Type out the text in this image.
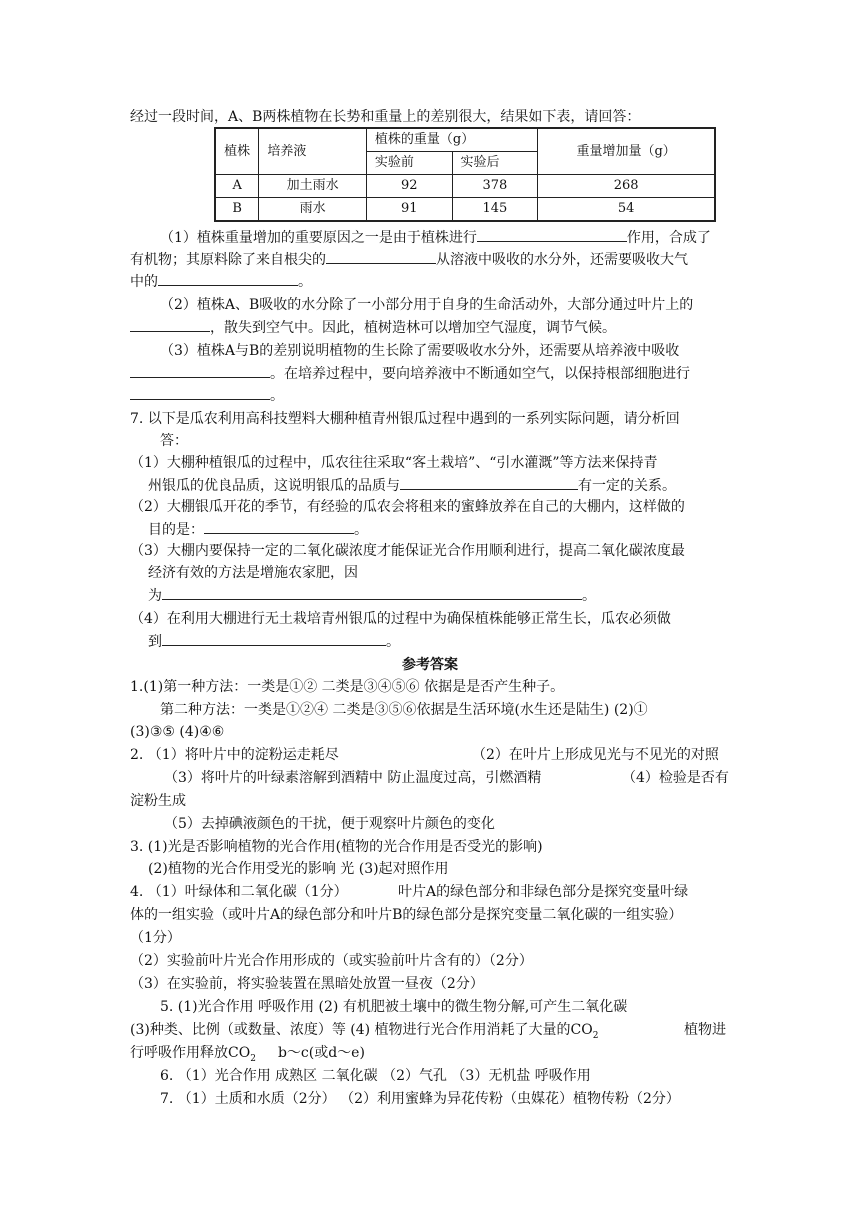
经过一段时间，A、B两株植物在长势和重量上的差别很大，结果如下表，请回答：
植株	培养液	植株的重量（g）		重量增加量（g）
		实验前	实验后	
A	加土雨水	92	378	268
B	雨水	91	145	54
（1）植株重量增加的重要原因之一是由于植株进行	作用，合成了
有机物；其原料除了来自根尖的	从溶液中吸收的水分外，还需要吸收大气
中的	。
（2）植株A、B吸收的水分除了一小部分用于自身的生命活动外，大部分通过叶片上的
，散失到空气中。因此，植树造林可以增加空气湿度，调节气候。
（3）植株A与B的差别说明植物的生长除了需要吸收水分外，还需要从培养液中吸收
。在培养过程中，要向培养液中不断通如空气，以保持根部细胞进行
。
7. 以下是瓜农利用高科技塑料大棚种植青州银瓜过程中遇到的一系列实际问题，请分析回
答：
（1）大棚种植银瓜的过程中，瓜农往往采取“客土栽培”、“引水灌溉”等方法来保持青
州银瓜的优良品质，这说明银瓜的品质与	有一定的关系。
（2）大棚银瓜开花的季节，有经验的瓜农会将租来的蜜蜂放养在自己的大棚内，这样做的
目的是：	。
（3）大棚内要保持一定的二氧化碳浓度才能保证光合作用顺利进行，提高二氧化碳浓度最
经济有效的方法是增施农家肥，因
为	。
（4）在利用大棚进行无土栽培青州银瓜的过程中为确保植株能够正常生长，瓜农必须做
到	。
参考答案
1.(1)第一种方法：一类是①② 二类是③④⑤⑥ 依据是是否产生种子。
第二种方法：一类是①②④ 二类是③⑤⑥依据是生活环境(水生还是陆生) (2)①
(3)③⑤ (4)④⑥
2. （1）将叶片中的淀粉运走耗尽	（2）在叶片上形成见光与不见光的对照
（3）将叶片的叶绿素溶解到酒精中 防止温度过高，引燃酒精	（4）检验是否有
淀粉生成
（5）去掉碘液颜色的干扰，便于观察叶片颜色的变化
3. (1)光是否影响植物的光合作用(植物的光合作用是否受光的影响)
(2)植物的光合作用受光的影响 光 (3)起对照作用
4. （1）叶绿体和二氧化碳（1分）	叶片A的绿色部分和非绿色部分是探究变量叶绿
体的一组实验（或叶片A的绿色部分和叶片B的绿色部分是探究变量二氧化碳的一组实验）
（1分）
（2）实验前叶片光合作用形成的（或实验前叶片含有的）（2分）
（3）在实验前，将实验装置在黑暗处放置一昼夜（2分）
5. (1)光合作用 呼吸作用 (2) 有机肥被土壤中的微生物分解,可产生二氧化碳
(3)种类、比例（或数量、浓度）等 (4) 植物进行光合作用消耗了大量的$CO_2$	植物进
行呼吸作用释放$CO_2$ b～c(或d～e)
6. （1）光合作用 成熟区 二氧化碳 （2）气孔 （3）无机盐 呼吸作用
7. （1）土质和水质（2分） （2）利用蜜蜂为异花传粉（虫媒花）植物传粉（2分）
